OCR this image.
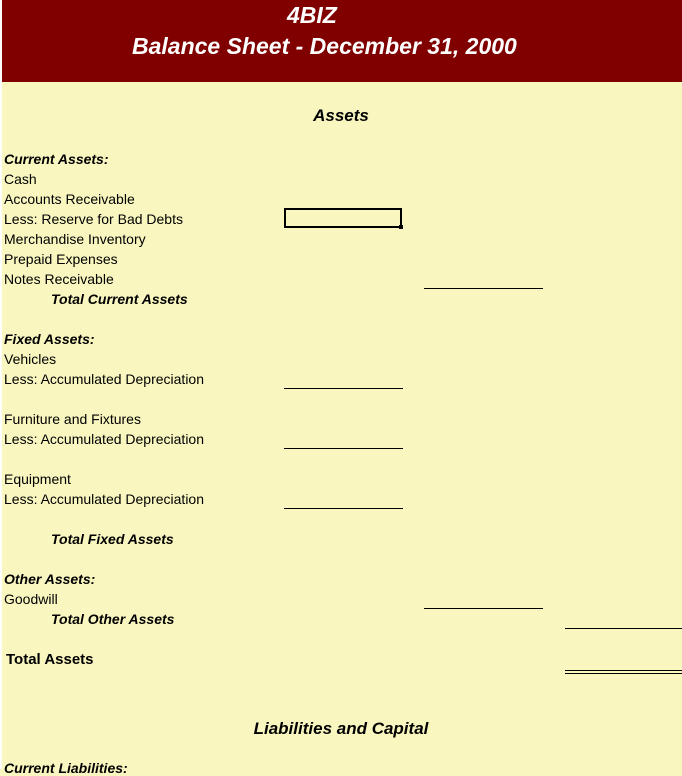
4BIZ
Balance Sheet - December 31, 2000
Assets
Current Assets:
Cash
Accounts Receivable
Less: Reserve for Bad Debts
Merchandise Inventory
Prepaid Expenses
Notes Receivable
Total Current Assets
Fixed Assets:
Vehicles
Less: Accumulated Depreciation
Furniture and Fixtures
Less: Accumulated Depreciation
Equipment
Less: Accumulated Depreciation
Total Fixed Assets
Other Assets:
Goodwill
Total Other Assets
Total Assets
Liabilities and Capital
Current Liabilities:
